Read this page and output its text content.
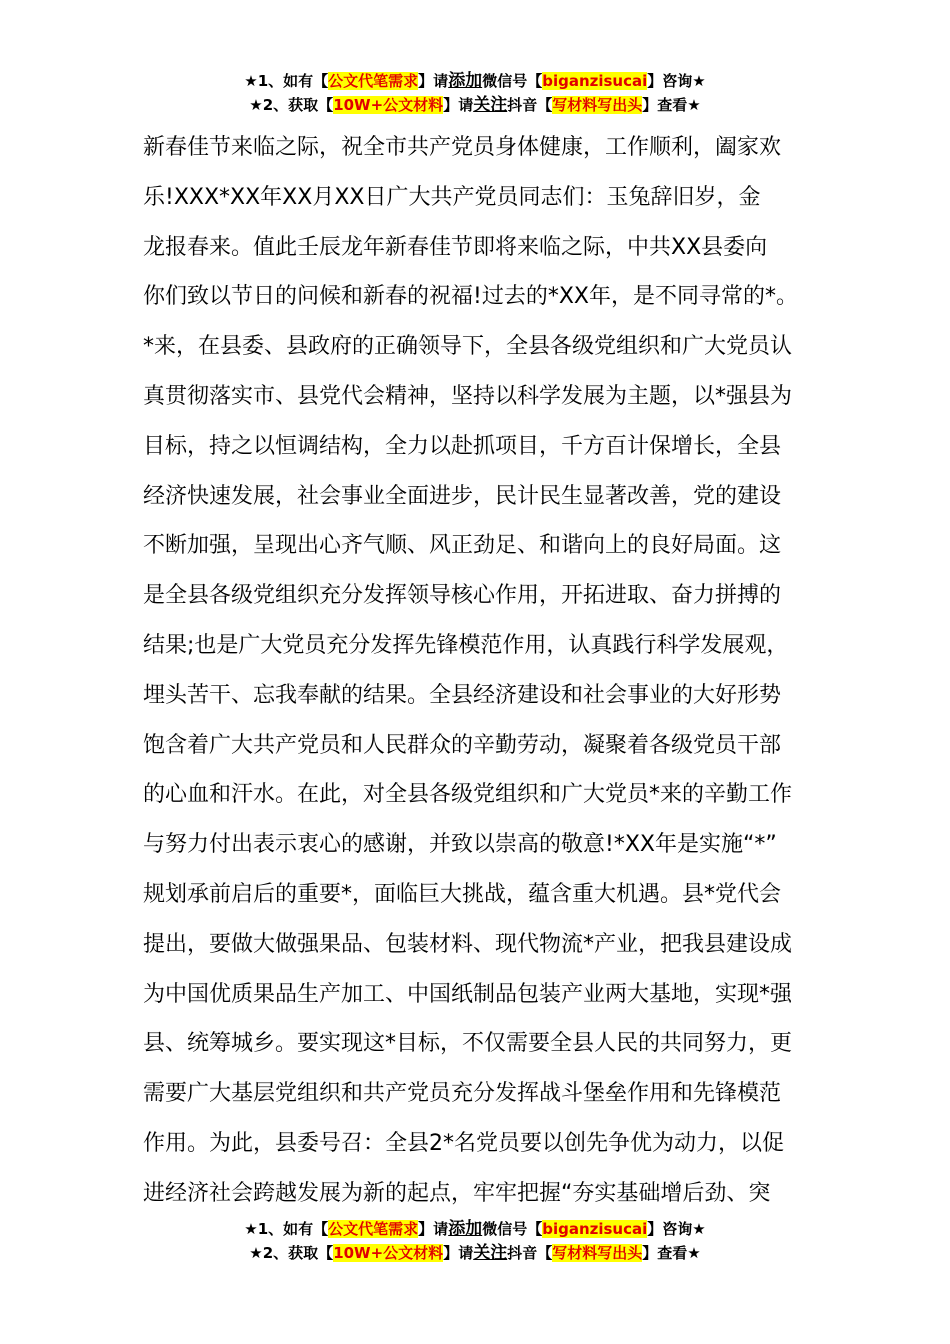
★1、如有【公文代笔需求】请添加微信号【biganzisucai】咨询★
★2、获取【10W+公文材料】请关注抖音【写材料写出头】查看★
新春佳节来临之际，祝全市共产党员身体健康，工作顺利，阖家欢
乐!XXX*XX年XX月XX日广大共产党员同志们：玉兔辞旧岁，金
龙报春来。值此壬辰龙年新春佳节即将来临之际，中共XX县委向
你们致以节日的问候和新春的祝福!过去的*XX年，是不同寻常的*。
*来，在县委、县政府的正确领导下，全县各级党组织和广大党员认
真贯彻落实市、县党代会精神，坚持以科学发展为主题，以*强县为
目标，持之以恒调结构，全力以赴抓项目，千方百计保增长，全县
经济快速发展，社会事业全面进步，民计民生显著改善，党的建设
不断加强，呈现出心齐气顺、风正劲足、和谐向上的良好局面。这
是全县各级党组织充分发挥领导核心作用，开拓进取、奋力拼搏的
结果;也是广大党员充分发挥先锋模范作用，认真践行科学发展观，
埋头苦干、忘我奉献的结果。全县经济建设和社会事业的大好形势
饱含着广大共产党员和人民群众的辛勤劳动，凝聚着各级党员干部
的心血和汗水。在此，对全县各级党组织和广大党员*来的辛勤工作
与努力付出表示衷心的感谢，并致以崇高的敬意!*XX年是实施“*”
规划承前启后的重要*，面临巨大挑战，蕴含重大机遇。县*党代会
提出，要做大做强果品、包装材料、现代物流*产业，把我县建设成
为中国优质果品生产加工、中国纸制品包装产业两大基地，实现*强
县、统筹城乡。要实现这*目标，不仅需要全县人民的共同努力，更
需要广大基层党组织和共产党员充分发挥战斗堡垒作用和先锋模范
作用。为此，县委号召：全县2*名党员要以创先争优为动力，以促
进经济社会跨越发展为新的起点，牢牢把握“夯实基础增后劲、突
★1、如有【公文代笔需求】请添加微信号【biganzisucai】咨询★
★2、获取【10W+公文材料】请关注抖音【写材料写出头】查看★
